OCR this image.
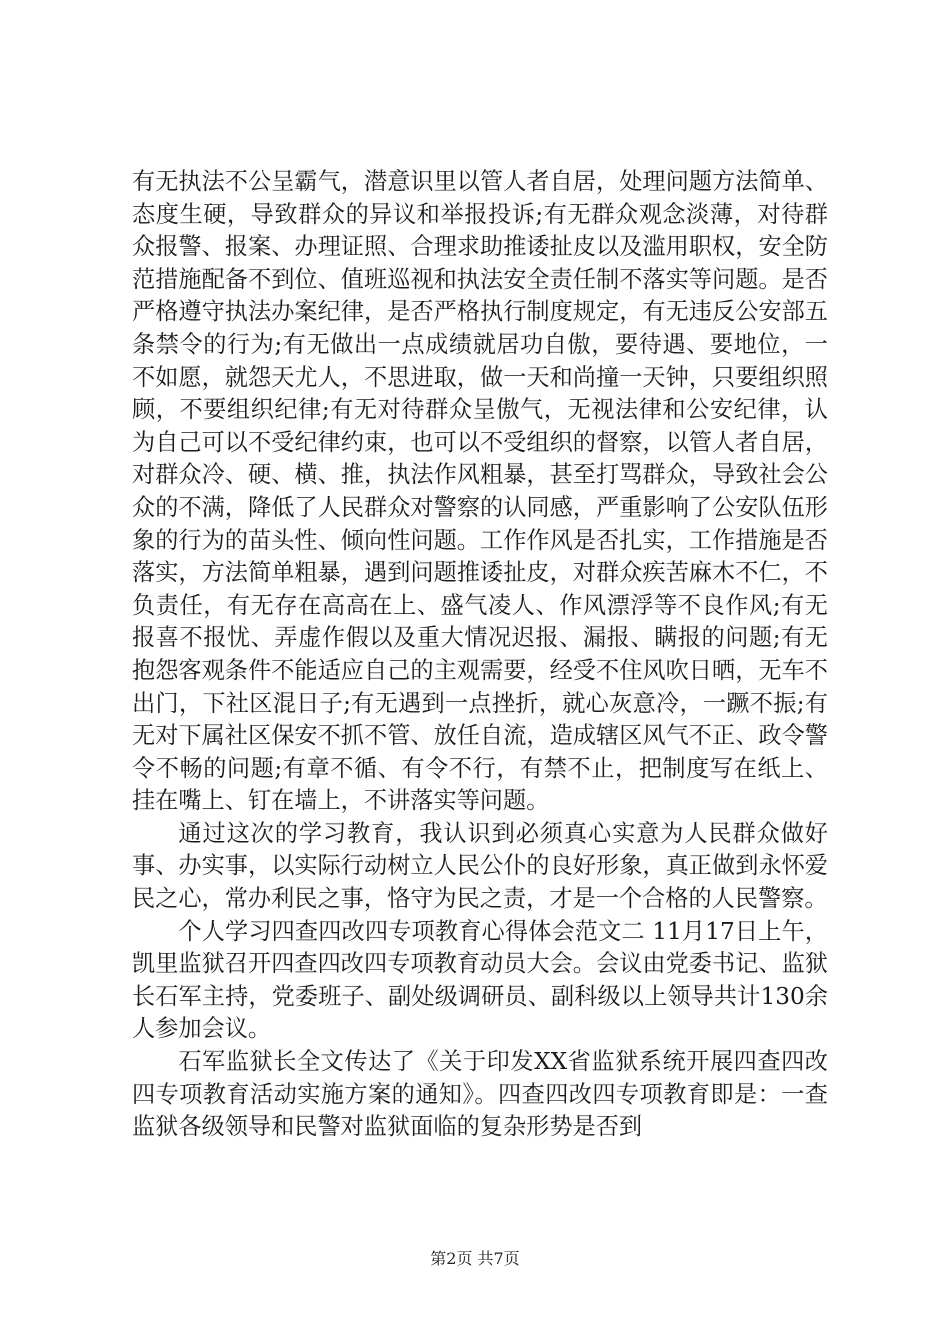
有无执法不公呈霸气，潜意识里以管人者自居，处理问题方法简单、态度生硬，导致群众的异议和举报投诉;有无群众观念淡薄，对待群众报警、报案、办理证照、合理求助推诿扯皮以及滥用职权，安全防范措施配备不到位、值班巡视和执法安全责任制不落实等问题。是否严格遵守执法办案纪律，是否严格执行制度规定，有无违反公安部五条禁令的行为;有无做出一点成绩就居功自傲，要待遇、要地位，一不如愿，就怨天尤人，不思进取，做一天和尚撞一天钟，只要组织照顾，不要组织纪律;有无对待群众呈傲气，无视法律和公安纪律，认为自己可以不受纪律约束，也可以不受组织的督察，以管人者自居，对群众冷、硬、横、推，执法作风粗暴，甚至打骂群众，导致社会公众的不满，降低了人民群众对警察的认同感，严重影响了公安队伍形象的行为的苗头性、倾向性问题。工作作风是否扎实，工作措施是否落实，方法简单粗暴，遇到问题推诿扯皮，对群众疾苦麻木不仁，不负责任，有无存在高高在上、盛气凌人、作风漂浮等不良作风;有无报喜不报忧、弄虚作假以及重大情况迟报、漏报、瞒报的问题;有无抱怨客观条件不能适应自己的主观需要，经受不住风吹日晒，无车不出门，下社区混日子;有无遇到一点挫折，就心灰意冷，一蹶不振;有无对下属社区保安不抓不管、放任自流，造成辖区风气不正、政令警令不畅的问题;有章不循、有令不行，有禁不止，把制度写在纸上、挂在嘴上、钉在墙上，不讲落实等问题。

通过这次的学习教育，我认识到必须真心实意为人民群众做好事、办实事，以实际行动树立人民公仆的良好形象，真正做到永怀爱民之心，常办利民之事，恪守为民之责，才是一个合格的人民警察。

个人学习四查四改四专项教育心得体会范文二 11月17日上午，凯里监狱召开四查四改四专项教育动员大会。会议由党委书记、监狱长石军主持，党委班子、副处级调研员、副科级以上领导共计130余人参加会议。

石军监狱长全文传达了《关于印发XX省监狱系统开展四查四改四专项教育活动实施方案的通知》。四查四改四专项教育即是：一查监狱各级领导和民警对监狱面临的复杂形势是否到

第2页 共7页
